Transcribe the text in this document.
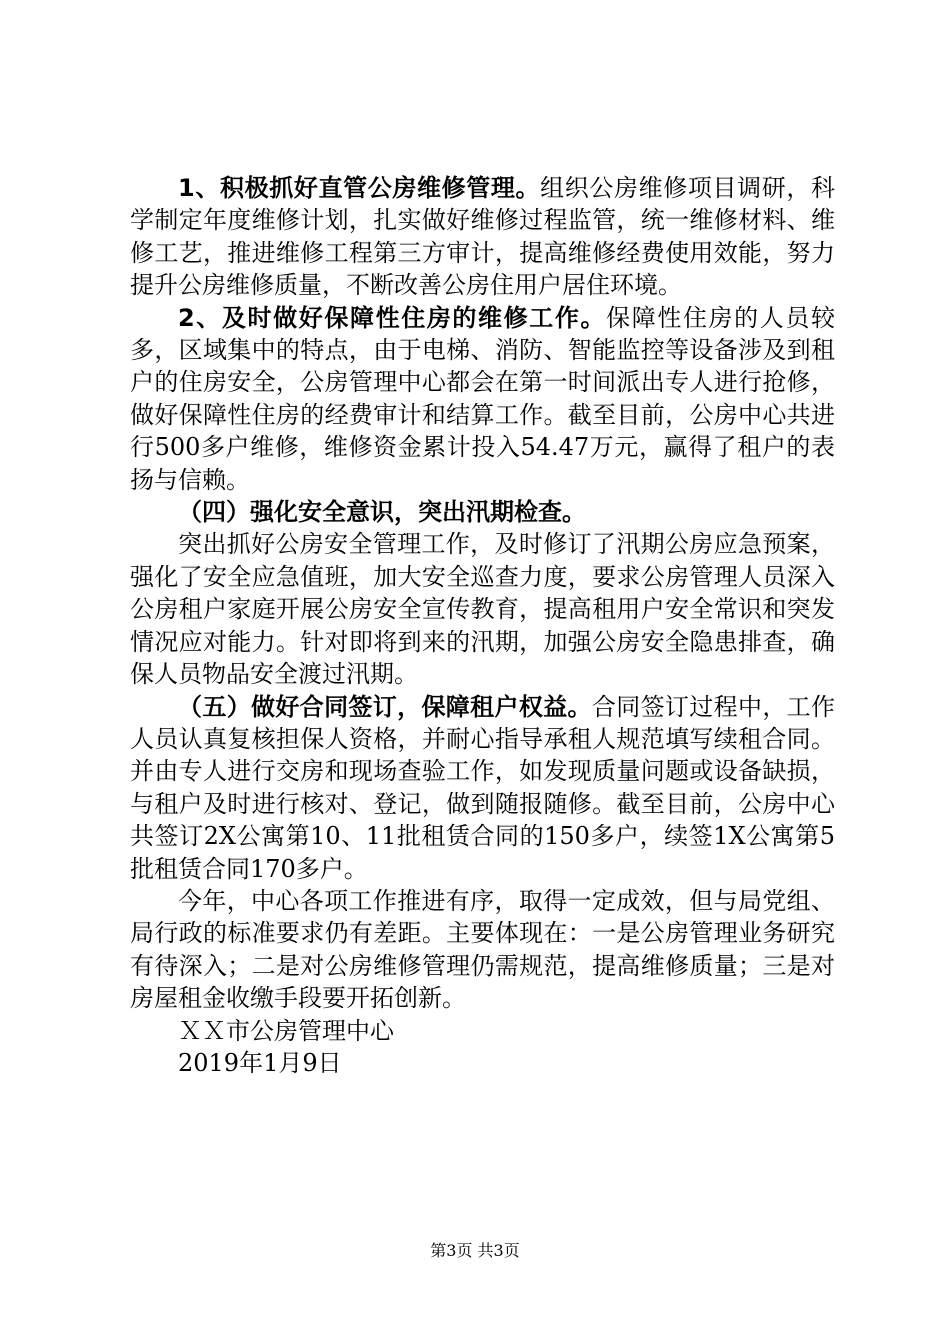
1、积极抓好直管公房维修管理。组织公房维修项目调研，科学制定年度维修计划，扎实做好维修过程监管，统一维修材料、维修工艺，推进维修工程第三方审计，提高维修经费使用效能，努力提升公房维修质量，不断改善公房住用户居住环境。

2、及时做好保障性住房的维修工作。保障性住房的人员较多，区域集中的特点，由于电梯、消防、智能监控等设备涉及到租户的住房安全，公房管理中心都会在第一时间派出专人进行抢修，做好保障性住房的经费审计和结算工作。截至目前，公房中心共进行500多户维修，维修资金累计投入54.47万元，赢得了租户的表扬与信赖。

（四）强化安全意识，突出汛期检查。

突出抓好公房安全管理工作，及时修订了汛期公房应急预案，强化了安全应急值班，加大安全巡查力度，要求公房管理人员深入公房租户家庭开展公房安全宣传教育，提高租用户安全常识和突发情况应对能力。针对即将到来的汛期，加强公房安全隐患排查，确保人员物品安全渡过汛期。

（五）做好合同签订，保障租户权益。合同签订过程中，工作人员认真复核担保人资格，并耐心指导承租人规范填写续租合同。并由专人进行交房和现场查验工作，如发现质量问题或设备缺损，与租户及时进行核对、登记，做到随报随修。截至目前，公房中心共签订2X公寓第10、11批租赁合同的150多户，续签1X公寓第5批租赁合同170多户。

今年，中心各项工作推进有序，取得一定成效，但与局党组、局行政的标准要求仍有差距。主要体现在：一是公房管理业务研究有待深入；二是对公房维修管理仍需规范，提高维修质量；三是对房屋租金收缴手段要开拓创新。

ＸＸ市公房管理中心

2019年1月9日

第3页 共3页
